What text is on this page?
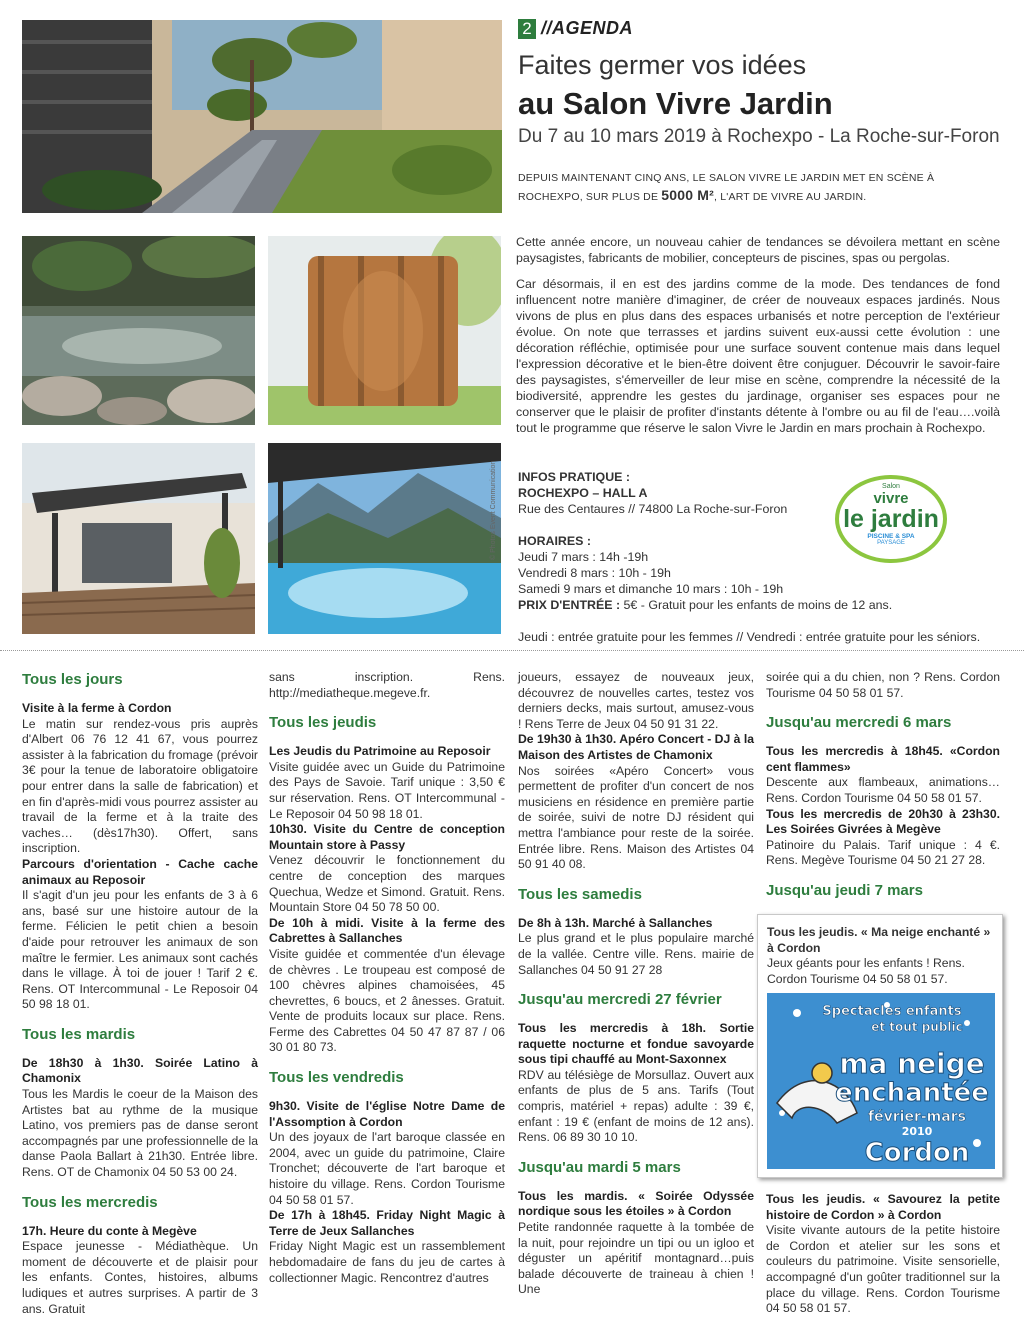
© Photos Event Communication
2 //AGENDA
Faites germer vos idées
au Salon Vivre Jardin
Du 7 au 10 mars 2019 à Rochexpo - La Roche-sur-Foron
DEPUIS MAINTENANT CINQ ANS, LE SALON VIVRE LE JARDIN MET EN SCÈNE À ROCHEXPO, SUR PLUS DE 5000 M², L'ART DE VIVRE AU JARDIN.

Cette année encore, un nouveau cahier de tendances se dévoilera mettant en scène paysagistes, fabricants de mobilier, concepteurs de piscines, spas ou pergolas.

Car désormais, il en est des jardins comme de la mode. Des tendances de fond influencent notre manière d'imaginer, de créer de nouveaux espaces jardinés. Nous vivons de plus en plus dans des espaces urbanisés et notre perception de l'extérieur évolue. On note que terrasses et jardins suivent eux-aussi cette évolution : une décoration réfléchie, optimisée pour une surface souvent contenue mais dans lequel l'expression décorative et le bien-être doivent être conjuguer. Découvrir le savoir-faire des paysagistes, s'émerveiller de leur mise en scène, comprendre la nécessité de la biodiversité, apprendre les gestes du jardinage, organiser ses espaces pour ne conserver que le plaisir de profiter d'instants détente à l'ombre ou au fil de l'eau….voilà tout le programme que réserve le salon Vivre le Jardin en mars prochain à Rochexpo.

INFOS PRATIQUE :
ROCHEXPO – HALL A
Rue des Centaures // 74800 La Roche-sur-Foron
HORAIRES :
Jeudi 7 mars : 14h -19h
Vendredi 8 mars : 10h - 19h
Samedi 9 mars et dimanche 10 mars : 10h - 19h
PRIX D'ENTRÉE : 5€ - Gratuit pour les enfants de moins de 12 ans.
Jeudi : entrée gratuite pour les femmes // Vendredi : entrée gratuite pour les séniors.
Salon
vivre
le jardin
PISCINE & SPA
PAYSAGE
Tous les jours

Visite à la ferme à Cordon

Le matin sur rendez-vous pris auprès d'Albert 06 76 12 41 67, vous pourrez assister à la fabrication du fromage (prévoir 3€ pour la tenue de laboratoire obligatoire pour entrer dans la salle de fabrication) et en fin d'après-midi vous pourrez assister au travail de la ferme et à la traite des vaches… (dès17h30). Offert, sans inscription.

Parcours d'orientation - Cache cache animaux au Reposoir

Il s'agit d'un jeu pour les enfants de 3 à 6 ans, basé sur une histoire autour de la ferme. Félicien le petit chien a besoin d'aide pour retrouver les animaux de son maître le fermier. Les animaux sont cachés dans le village. À toi de jouer ! Tarif 2 €. Rens. OT Intercommunal - Le Reposoir 04 50 98 18 01.

Tous les mardis

De 18h30 à 1h30. Soirée Latino à Chamonix

Tous les Mardis le coeur de la Maison des Artistes bat au rythme de la musique Latino, vos premiers pas de danse seront accompagnés par une professionnelle de la danse Paola Ballart à 21h30. Entrée libre. Rens. OT de Chamonix 04 50 53 00 24.

Tous les mercredis

17h. Heure du conte à Megève

Espace jeunesse - Médiathèque. Un moment de découverte et de plaisir pour les enfants. Contes, histoires, albums ludiques et autres surprises. A partir de 3 ans. Gratuit

sans inscription. Rens. http://mediatheque.megeve.fr.

Tous les jeudis

Les Jeudis du Patrimoine au Reposoir

Visite guidée avec un Guide du Patrimoine des Pays de Savoie. Tarif unique : 3,50 € sur réservation. Rens. OT Intercommunal - Le Reposoir 04 50 98 18 01.

10h30. Visite du Centre de conception Mountain store à Passy

Venez découvrir le fonctionnement du centre de conception des marques Quechua, Wedze et Simond. Gratuit. Rens. Mountain Store 04 50 78 50 00.

De 10h à midi. Visite à la ferme des Cabrettes à Sallanches

Visite guidée et commentée d'un élevage de chèvres . Le troupeau est composé de 100 chèvres alpines chamoisées, 45 chevrettes, 6 boucs, et 2 ânesses. Gratuit. Vente de produits locaux sur place. Rens. Ferme des Cabrettes 04 50 47 87 87 / 06 30 01 80 73.

Tous les vendredis

9h30. Visite de l'église Notre Dame de l'Assomption à Cordon

Un des joyaux de l'art baroque classée en 2004, avec un guide du patrimoine, Claire Tronchet; découverte de l'art baroque et histoire du village. Rens. Cordon Tourisme 04 50 58 01 57.

De 17h à 18h45. Friday Night Magic à Terre de Jeux Sallanches

Friday Night Magic est un rassemblement hebdomadaire de fans du jeu de cartes à collectionner Magic. Rencontrez d'autres

joueurs, essayez de nouveaux jeux, découvrez de nouvelles cartes, testez vos derniers decks, mais surtout, amusez-vous ! Rens Terre de Jeux 04 50 91 31 22.

De 19h30 à 1h30. Apéro Concert - DJ à la Maison des Artistes de Chamonix

Nos soirées «Apéro Concert» vous permettent de profiter d'un concert de nos musiciens en résidence en première partie de soirée, suivi de notre DJ résident qui mettra l'ambiance pour reste de la soirée. Entrée libre. Rens. Maison des Artistes 04 50 91 40 08.

Tous les samedis

De 8h à 13h. Marché à Sallanches

Le plus grand et le plus populaire marché de la vallée. Centre ville. Rens. mairie de Sallanches 04 50 91 27 28

Jusqu'au mercredi 27 février

Tous les mercredis à 18h. Sortie raquette nocturne et fondue savoyarde sous tipi chauffé au Mont-Saxonnex

RDV au télésiège de Morsullaz. Ouvert aux enfants de plus de 5 ans. Tarifs (Tout compris, matériel + repas) adulte : 39 €, enfant : 19 € (enfant de moins de 12 ans). Rens. 06 89 30 10 10.

Jusqu'au mardi 5 mars

Tous les mardis. « Soirée Odyssée nordique sous les étoiles » à Cordon

Petite randonnée raquette à la tombée de la nuit, pour rejoindre un tipi ou un igloo et déguster un apéritif montagnard…puis balade découverte de traineau à chien ! Une

soirée qui a du chien, non ? Rens. Cordon Tourisme 04 50 58 01 57.

Jusqu'au mercredi 6 mars

Tous les mercredis à 18h45. «Cordon cent flammes»

Descente aux flambeaux, animations… Rens. Cordon Tourisme 04 50 58 01 57.

Tous les mercredis de 20h30 à 23h30. Les Soirées Givrées à Megève

Patinoire du Palais. Tarif unique : 4 €. Rens. Megève Tourisme 04 50 21 27 28.

Jusqu'au jeudi 7 mars
Tous les jeudis. « Ma neige enchanté » à Cordon
Jeux géants pour les enfants ! Rens. Cordon Tourisme 04 50 58 01 57.
Spectacles enfants
et tout public
ma neige
enchantée
février-mars
2010
Cordon

Tous les jeudis. « Savourez la petite histoire de Cordon » à Cordon

Visite vivante autours de la petite histoire de Cordon et atelier sur les sons et couleurs du patrimoine. Visite sensorielle, accompagné d'un goûter traditionnel sur la place du village. Rens. Cordon Tourisme 04 50 58 01 57.
